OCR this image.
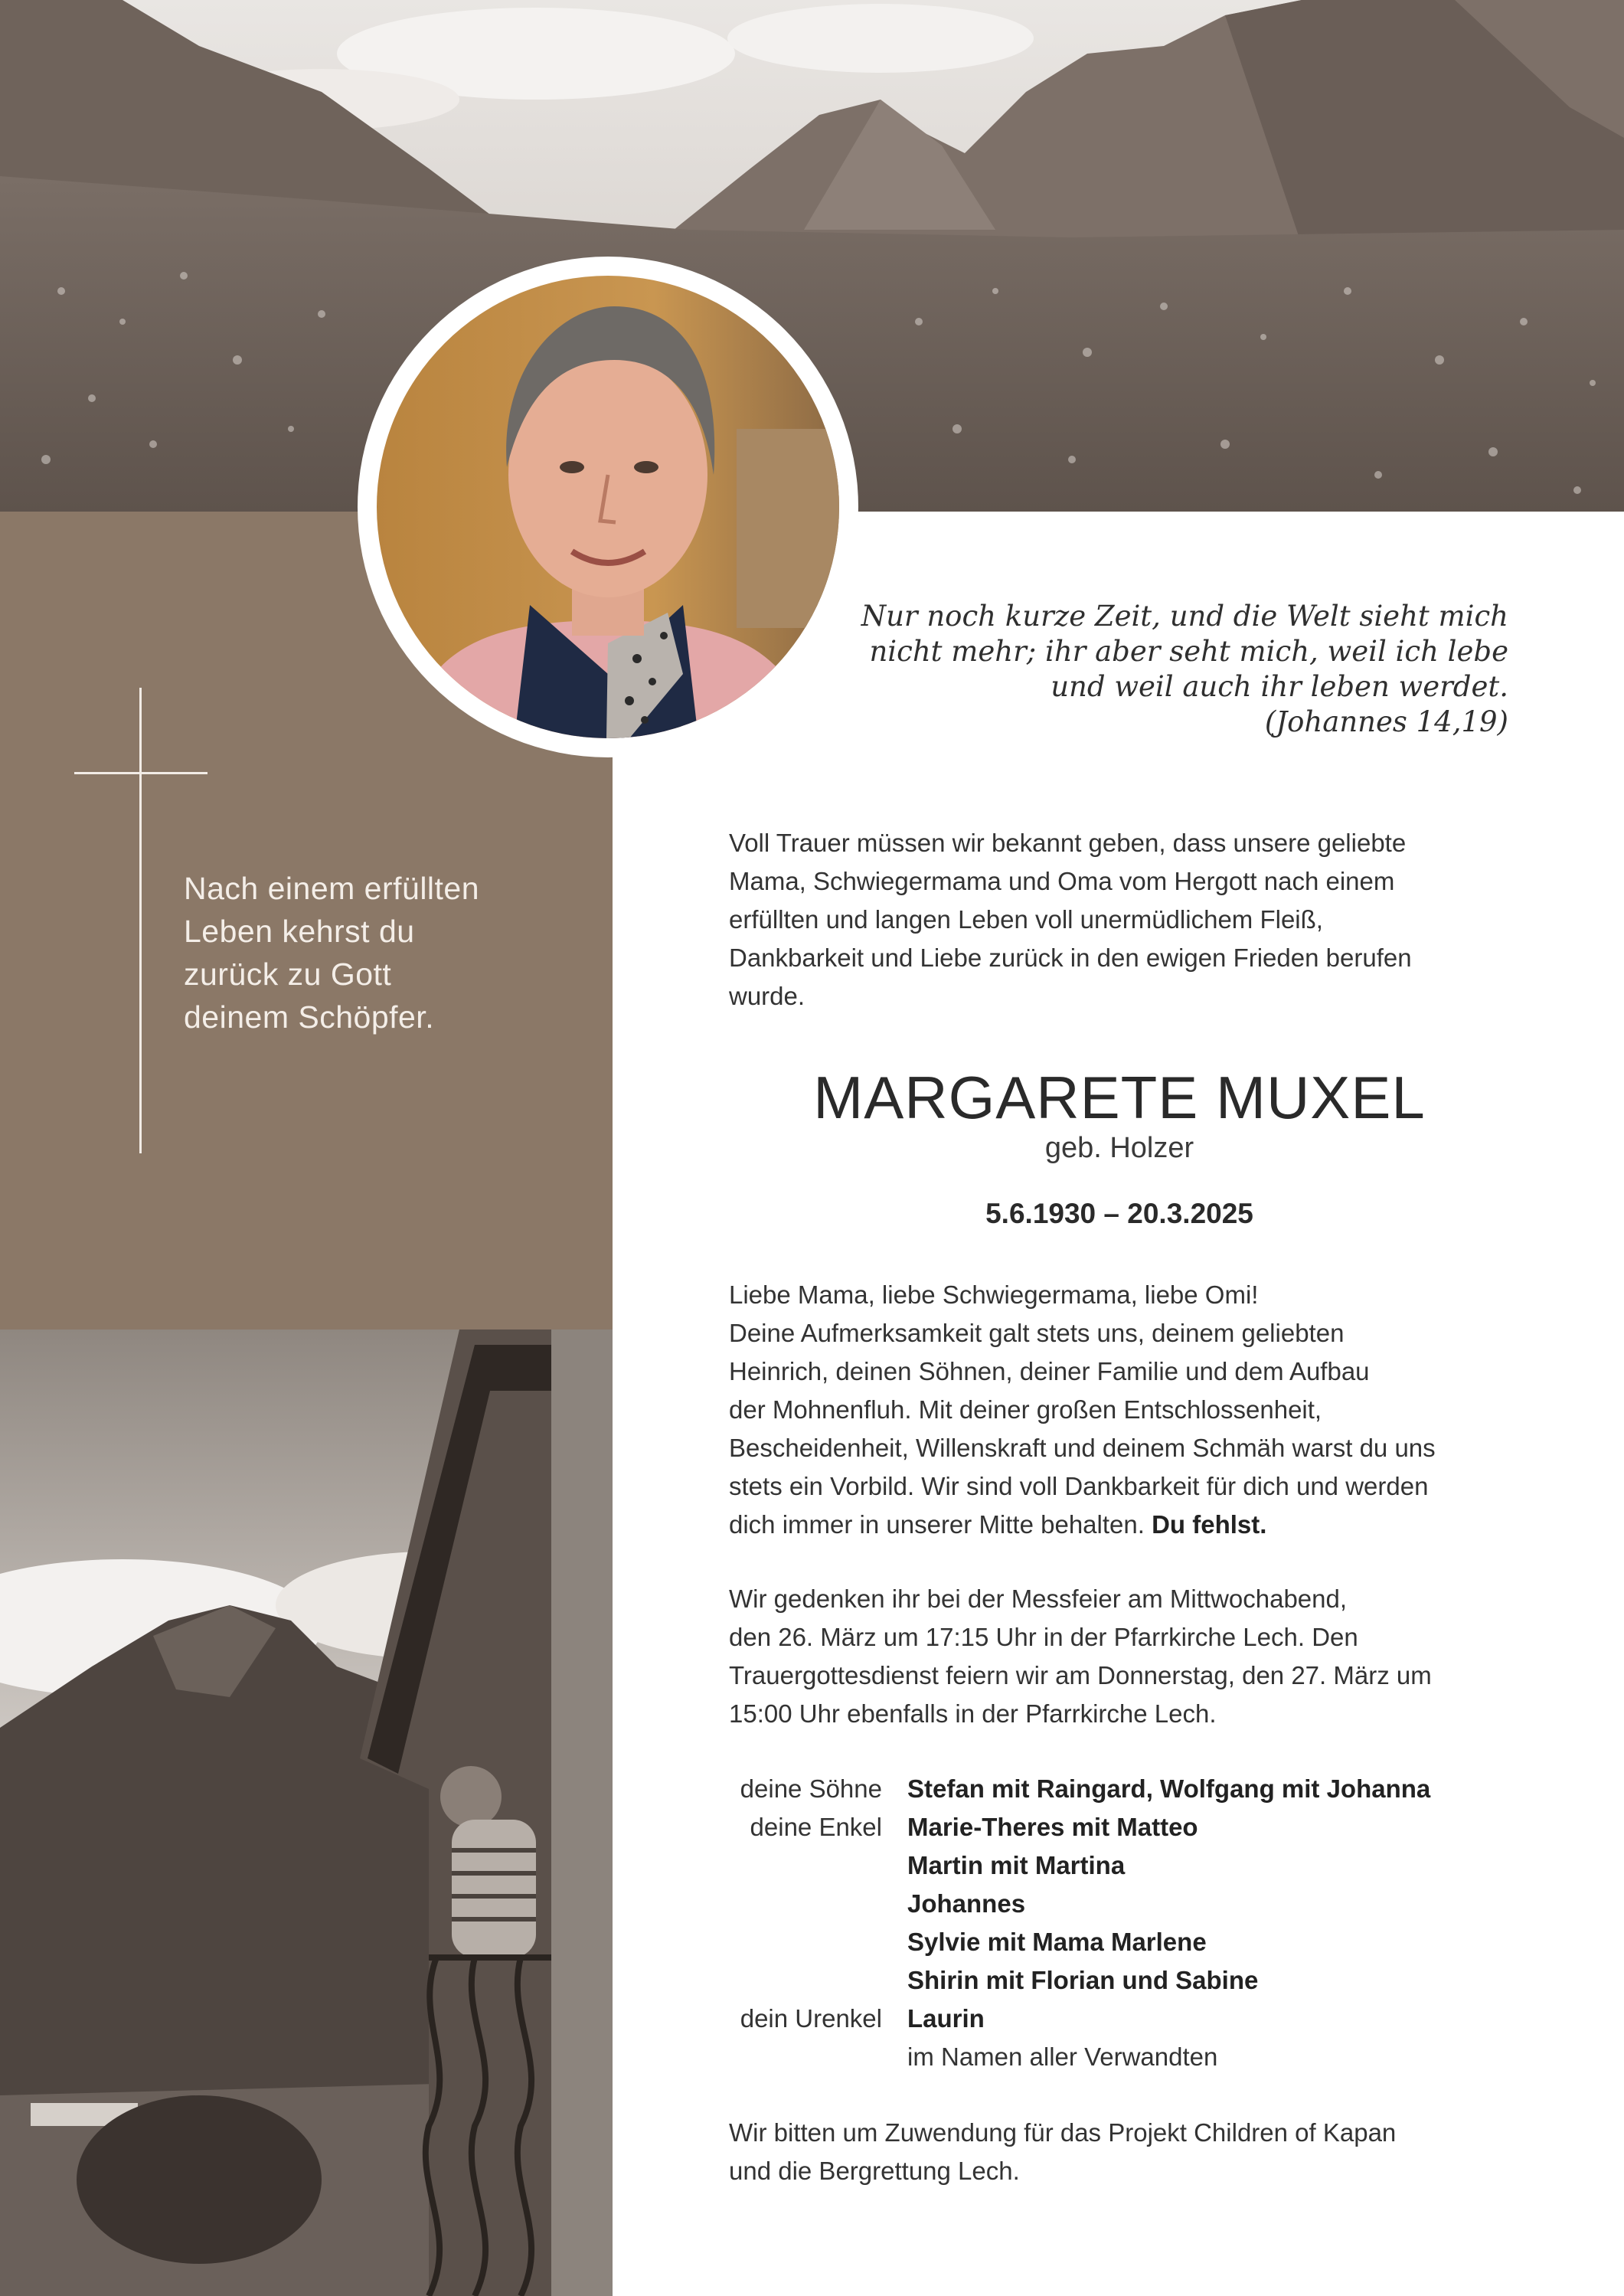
Nach einem erfüllten
Leben kehrst du
zurück zu Gott
deinem Schöpfer.
Nur noch kurze Zeit, und die Welt sieht mich
nicht mehr; ihr aber seht mich, weil ich lebe
und weil auch ihr leben werdet.
(Johannes 14,19)
Voll Trauer müssen wir bekannt geben, dass unsere geliebte
Mama, Schwiegermama und Oma vom Hergott nach einem
erfüllten und langen Leben voll unermüdlichem Fleiß,
Dankbarkeit und Liebe zurück in den ewigen Frieden berufen
wurde.
MARGARETE MUXEL
geb. Holzer
5.6.1930 – 20.3.2025
Liebe Mama, liebe Schwiegermama, liebe Omi!
Deine Aufmerksamkeit galt stets uns, deinem geliebten
Heinrich, deinen Söhnen, deiner Familie und dem Aufbau
der Mohnenfluh. Mit deiner großen Entschlossenheit,
Bescheidenheit, Willenskraft und deinem Schmäh warst du uns
stets ein Vorbild. Wir sind voll Dankbarkeit für dich und werden
dich immer in unserer Mitte behalten. Du fehlst.
Wir gedenken ihr bei der Messfeier am Mittwochabend,
den 26. März um 17:15 Uhr in der Pfarrkirche Lech. Den
Trauergottesdienst feiern wir am Donnerstag, den 27. März um
15:00 Uhr ebenfalls in der Pfarrkirche Lech.
deine Söhne Stefan mit Raingard, Wolfgang mit Johanna
deine Enkel Marie-Theres mit Matteo
Martin mit Martina
Johannes
Sylvie mit Mama Marlene
Shirin mit Florian und Sabine
dein Urenkel Laurin
im Namen aller Verwandten
Wir bitten um Zuwendung für das Projekt Children of Kapan
und die Bergrettung Lech.
